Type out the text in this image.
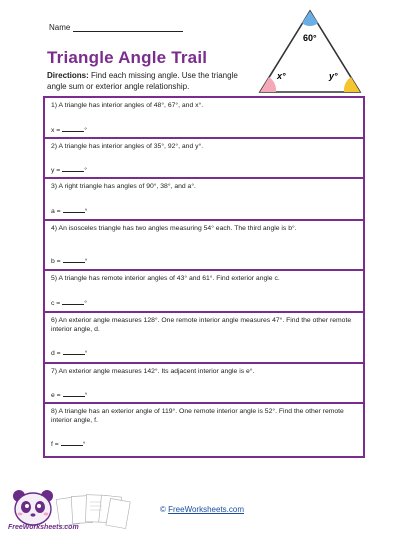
Name
Triangle Angle Trail
Directions: Find each missing angle. Use the triangle angle sum or exterior angle relationship.
60°
x°	y°
1) A triangle has interior angles of 48°, 67°, and x°.
x =	°
2) A triangle has interior angles of 35°, 92°, and y°.
y =	°
3) A right triangle has angles of 90°, 38°, and a°.
a =	°
4) An isosceles triangle has two angles measuring 54° each. The third angle is b°.
b =	°
5) A triangle has remote interior angles of 43° and 61°. Find exterior angle c.
c =	°
6) An exterior angle measures 128°. One remote interior angle measures 47°. Find the other remote interior angle, d.
d =	°
7) An exterior angle measures 142°. Its adjacent interior angle is e°.
e =	°
8) A triangle has an exterior angle of 119°. One remote interior angle is 52°. Find the other remote interior angle, f.
f =	°
FreeWorksheets.com
© FreeWorksheets.com
